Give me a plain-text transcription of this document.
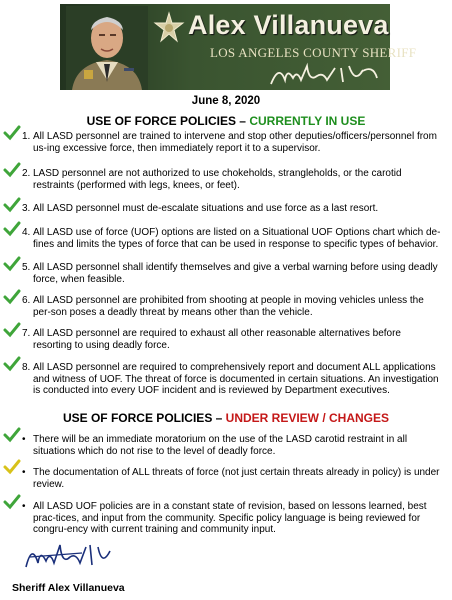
Alex Villanueva
LOS ANGELES COUNTY SHERIFF
June 8, 2020
USE OF FORCE POLICIES – CURRENTLY IN USE
1. All LASD personnel are trained to intervene and stop other deputies/officers/personnel from us-ing excessive force, then immediately report it to a supervisor.
2. LASD personnel are not authorized to use chokeholds, strangleholds, or the carotid restraints (performed with legs, knees, or feet).
3. All LASD personnel must de-escalate situations and use force as a last resort.
4. All LASD use of force (UOF) options are listed on a Situational UOF Options chart which de-fines and limits the types of force that can be used in response to specific types of behavior.
5. All LASD personnel shall identify themselves and give a verbal warning before using deadly force, when feasible.
6. All LASD personnel are prohibited from shooting at people in moving vehicles unless the per-son poses a deadly threat by means other than the vehicle.
7. All LASD personnel are required to exhaust all other reasonable alternatives before resorting to using deadly force.
8. All LASD personnel are required to comprehensively report and document ALL applications and witness of UOF. The threat of force is documented in certain situations. An investigation is conducted into every UOF incident and is reviewed by Department executives.
USE OF FORCE POLICIES – UNDER REVIEW / CHANGES
• There will be an immediate moratorium on the use of the LASD carotid restraint in all situations which do not rise to the level of deadly force.
• The documentation of ALL threats of force (not just certain threats already in policy) is under review.
• All LASD UOF policies are in a constant state of revision, based on lessons learned, best prac-tices, and input from the community. Specific policy language is being reviewed for congru-ency with current training and community input.
Sheriff Alex Villanueva
